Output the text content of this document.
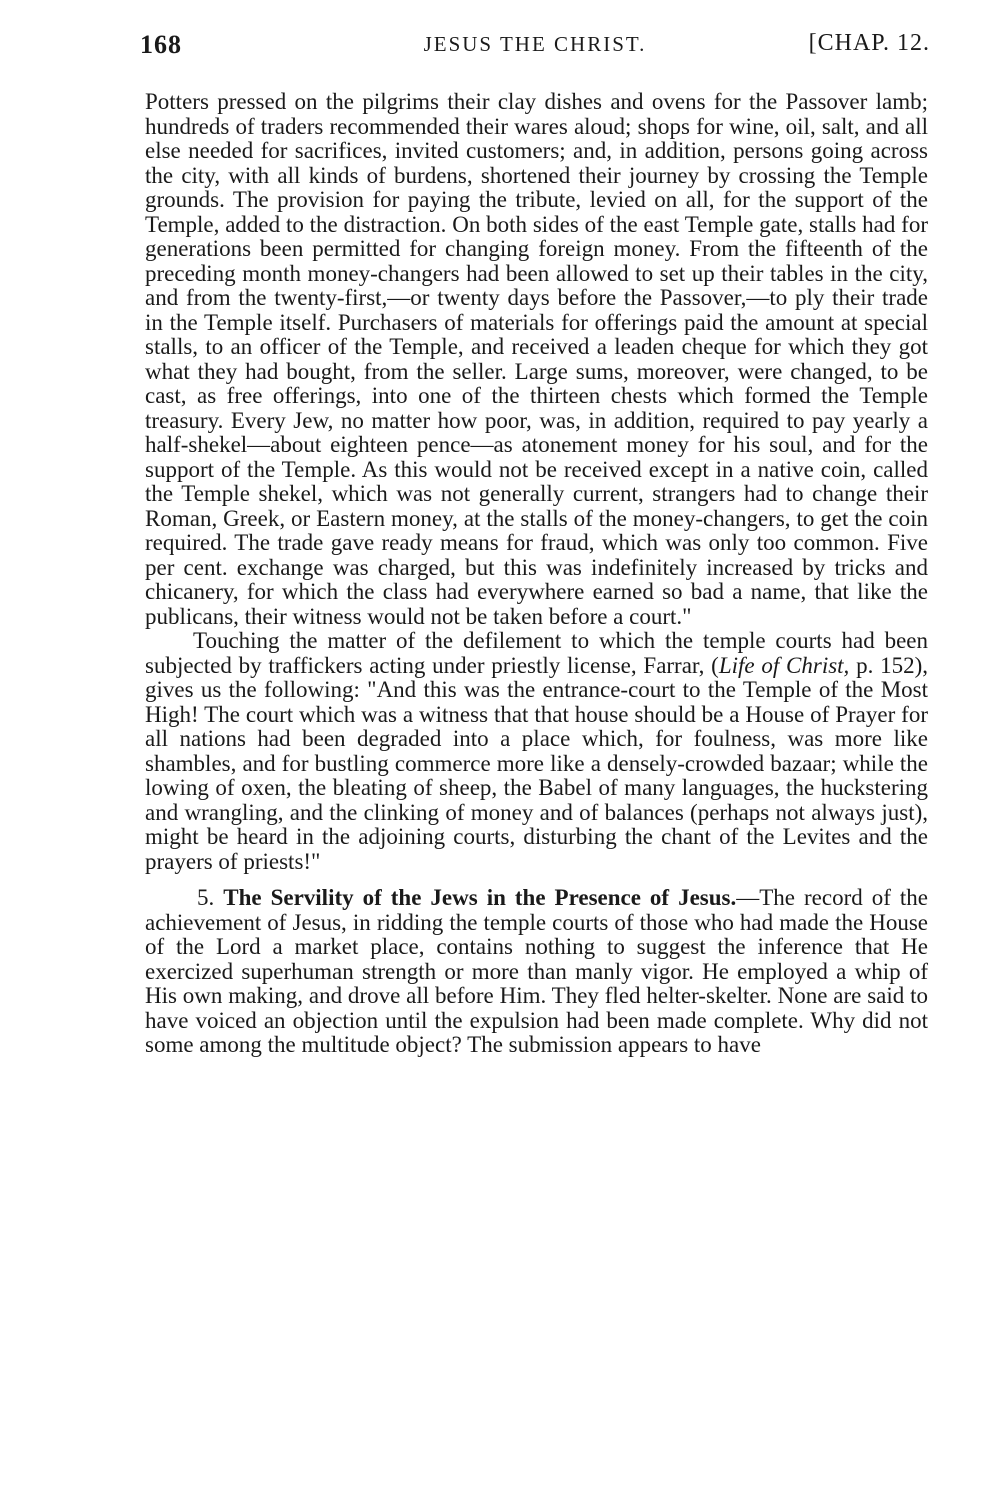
168	JESUS THE CHRIST.	[CHAP. 12.

Potters pressed on the pilgrims their clay dishes and ovens for the Passover lamb; hundreds of traders recommended their wares aloud; shops for wine, oil, salt, and all else needed for sacrifices, invited customers; and, in addition, persons going across the city, with all kinds of burdens, shortened their journey by crossing the Temple grounds. The provision for paying the tribute, levied on all, for the support of the Temple, added to the distraction. On both sides of the east Temple gate, stalls had for generations been permitted for changing foreign money. From the fifteenth of the preceding month money-changers had been allowed to set up their tables in the city, and from the twenty-first,—or twenty days before the Passover,—to ply their trade in the Temple itself. Purchasers of materials for offerings paid the amount at special stalls, to an officer of the Temple, and received a leaden cheque for which they got what they had bought, from the seller. Large sums, moreover, were changed, to be cast, as free offerings, into one of the thirteen chests which formed the Temple treasury. Every Jew, no matter how poor, was, in addition, required to pay yearly a half-shekel—about eighteen pence—as atonement money for his soul, and for the support of the Temple. As this would not be received except in a native coin, called the Temple shekel, which was not generally current, strangers had to change their Roman, Greek, or Eastern money, at the stalls of the money-changers, to get the coin required. The trade gave ready means for fraud, which was only too common. Five per cent. exchange was charged, but this was indefinitely increased by tricks and chicanery, for which the class had everywhere earned so bad a name, that like the publicans, their witness would not be taken before a court."

Touching the matter of the defilement to which the temple courts had been subjected by traffickers acting under priestly license, Farrar, (Life of Christ, p. 152), gives us the following: "And this was the entrance-court to the Temple of the Most High! The court which was a witness that that house should be a House of Prayer for all nations had been degraded into a place which, for foulness, was more like shambles, and for bustling commerce more like a densely-crowded bazaar; while the lowing of oxen, the bleating of sheep, the Babel of many languages, the huckstering and wrangling, and the clinking of money and of balances (perhaps not always just), might be heard in the adjoining courts, disturbing the chant of the Levites and the prayers of priests!"

5. The Servility of the Jews in the Presence of Jesus.—The record of the achievement of Jesus, in ridding the temple courts of those who had made the House of the Lord a market place, contains nothing to suggest the inference that He exercized superhuman strength or more than manly vigor. He employed a whip of His own making, and drove all before Him. They fled helter-skelter. None are said to have voiced an objection until the expulsion had been made complete. Why did not some among the multitude object? The submission appears to have
